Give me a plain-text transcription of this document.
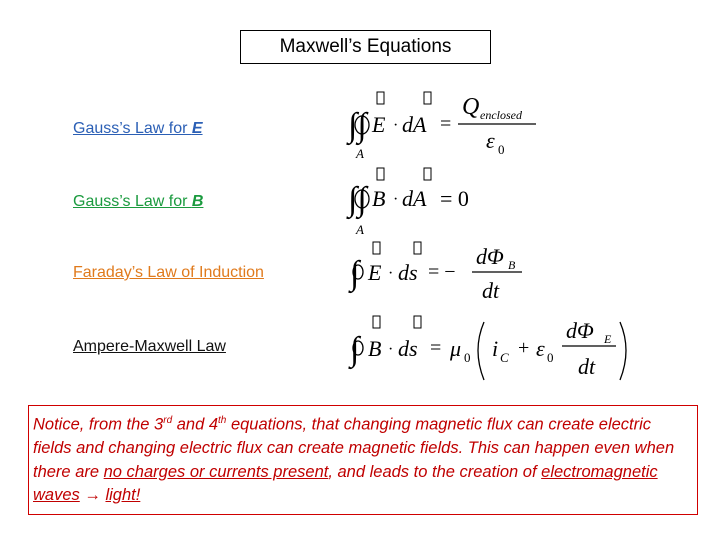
Maxwell’s Equations
Gauss’s Law for E
Gauss’s Law for B
Faraday’s Law of Induction
Ampere-Maxwell Law
∫∫
A
E · dA =
Q enclosed
ε 0
∫∫
A
B · dA = 0
∫ E · ds = −
dΦ B
dt
∫ B · ds = μ 0 i C + ε 0
dΦ E
dt
Notice, from the 3rd and 4th equations, that changing magnetic flux can create electric fields and changing electric flux can create magnetic fields. This can happen even when there are no charges or currents present, and leads to the creation of electromagnetic waves → light!
